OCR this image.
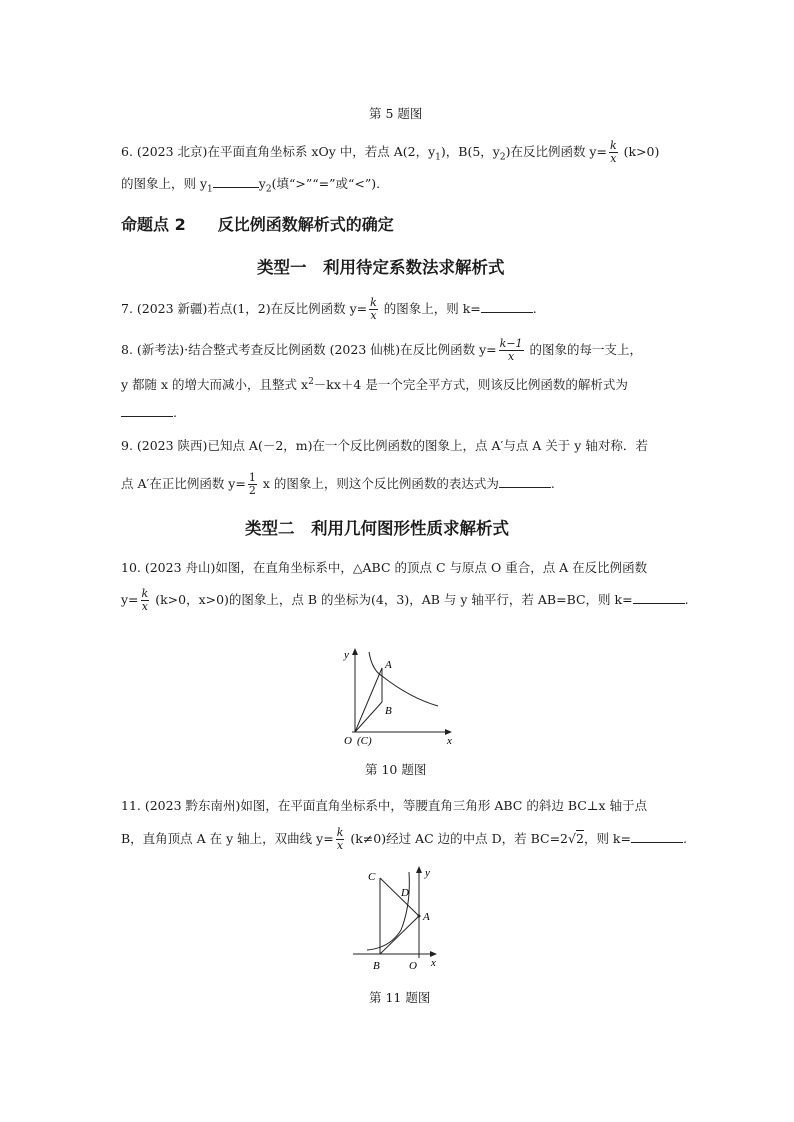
第 5 题图
6. (2023 北京)在平面直角坐标系 xOy 中，若点 A(2，$y_1$)，B(5，$y_2$)在反比例函数 $y= \frac{k}{x} (k>0)$
的图象上，则 $y_1$	$y_2$(填“>”“=”或“<”).
命题点 2　　反比例函数解析式的确定
类型一　利用待定系数法求解析式
7. (2023 新疆)若点(1，2)在反比例函数 $y= \frac{k}{x}$ 的图象上，则 k=	.
8. (新考法)·结合整式考查反比例函数 (2023 仙桃)在反比例函数 $y= \frac{k-1}{x}$ 的图象的每一支上，
y 都随 x 的增大而减小，且整式 $x^2-kx+4$ 是一个完全平方式，则该反比例函数的解析式为
.
9. (2023 陕西)已知点 A(－2，m)在一个反比例函数的图象上，点 A′与点 A 关于 y 轴对称．若
点 A′在正比例函数 $y= \frac{1}{2}$ x 的图象上，则这个反比例函数的表达式为	.
类型二　利用几何图形性质求解析式
10. (2023 舟山)如图，在直角坐标系中，△ABC 的顶点 C 与原点 O 重合，点 A 在反比例函数
$y= \frac{k}{x} (k>0$，x>0)的图象上，点 B 的坐标为(4，3)，AB 与 y 轴平行，若 AB=BC，则 k=	.
y
x
A
B
O (C)
第 10 题图
11. (2023 黔东南州)如图，在平面直角坐标系中，等腰直角三角形 ABC 的斜边 BC⊥x 轴于点
B，直角顶点 A 在 y 轴上，双曲线 $y= \frac{k}{x} (k\ne 0)$经过 AC 边的中点 D，若 BC=2√2，则 k=	.
C
D
A
y
B	O x
第 11 题图
